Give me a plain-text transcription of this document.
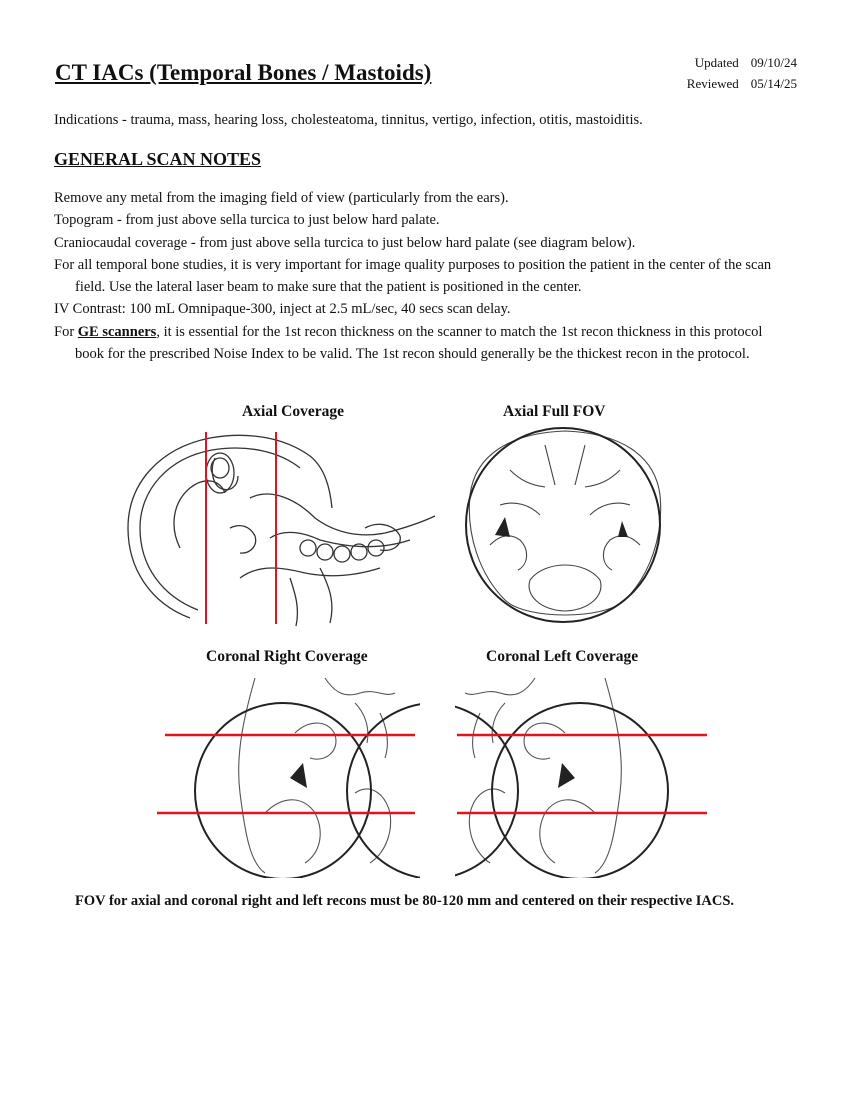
CT IACs (Temporal Bones / Mastoids)	Updated 09/10/24
Reviewed 05/14/25
Indications - trauma, mass, hearing loss, cholesteatoma, tinnitus, vertigo, infection, otitis, mastoiditis.
GENERAL SCAN NOTES

Remove any metal from the imaging field of view (particularly from the ears).

Topogram - from just above sella turcica to just below hard palate.

Craniocaudal coverage - from just above sella turcica to just below hard palate (see diagram below).

For all temporal bone studies, it is very important for image quality purposes to position the patient in the center of the scan field. Use the lateral laser beam to make sure that the patient is positioned in the center.

IV Contrast: 100 mL Omnipaque-300, inject at 2.5 mL/sec, 40 secs scan delay.

For GE scanners, it is essential for the 1st recon thickness on the scanner to match the 1st recon thickness in this protocol book for the prescribed Noise Index to be valid. The 1st recon should generally be the thickest recon in the protocol.

Axial Coverage	Axial Full FOV
Coronal Right Coverage	Coronal Left Coverage
FOV for axial and coronal right and left recons must be 80-120 mm and centered on their respective IACS.
